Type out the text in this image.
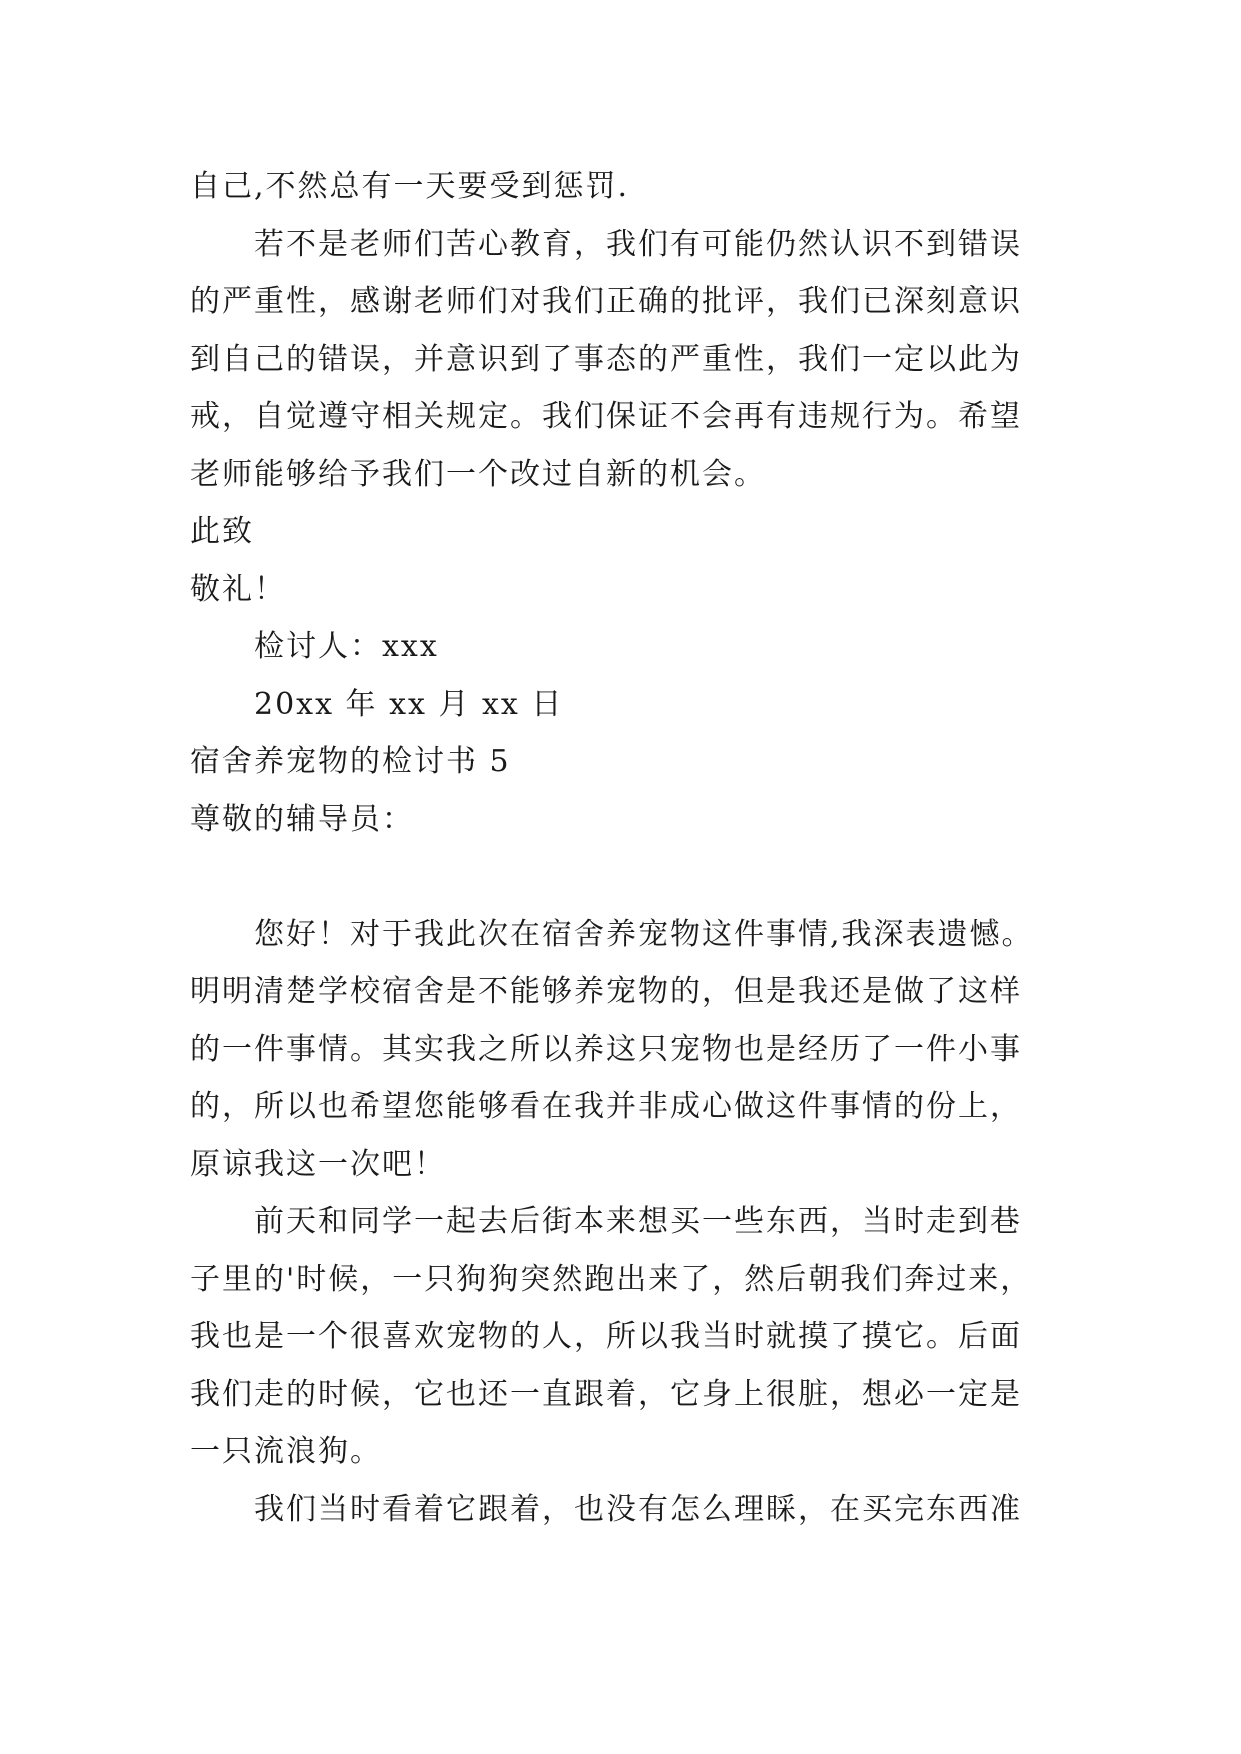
自己,不然总有一天要受到惩罚.
若不是老师们苦心教育，我们有可能仍然认识不到错误
的严重性，感谢老师们对我们正确的批评，我们已深刻意识
到自己的错误，并意识到了事态的严重性，我们一定以此为
戒，自觉遵守相关规定。我们保证不会再有违规行为。希望
老师能够给予我们一个改过自新的机会。
此致
敬礼！
检讨人：xxx
20xx 年 xx 月 xx 日
宿舍养宠物的检讨书 5
尊敬的辅导员：
您好！对于我此次在宿舍养宠物这件事情,我深表遗憾。
明明清楚学校宿舍是不能够养宠物的，但是我还是做了这样
的一件事情。其实我之所以养这只宠物也是经历了一件小事
的，所以也希望您能够看在我并非成心做这件事情的份上，
原谅我这一次吧！
前天和同学一起去后街本来想买一些东西，当时走到巷
子里的'时候，一只狗狗突然跑出来了，然后朝我们奔过来，
我也是一个很喜欢宠物的人，所以我当时就摸了摸它。后面
我们走的时候，它也还一直跟着，它身上很脏，想必一定是
一只流浪狗。
我们当时看着它跟着，也没有怎么理睬，在买完东西准
